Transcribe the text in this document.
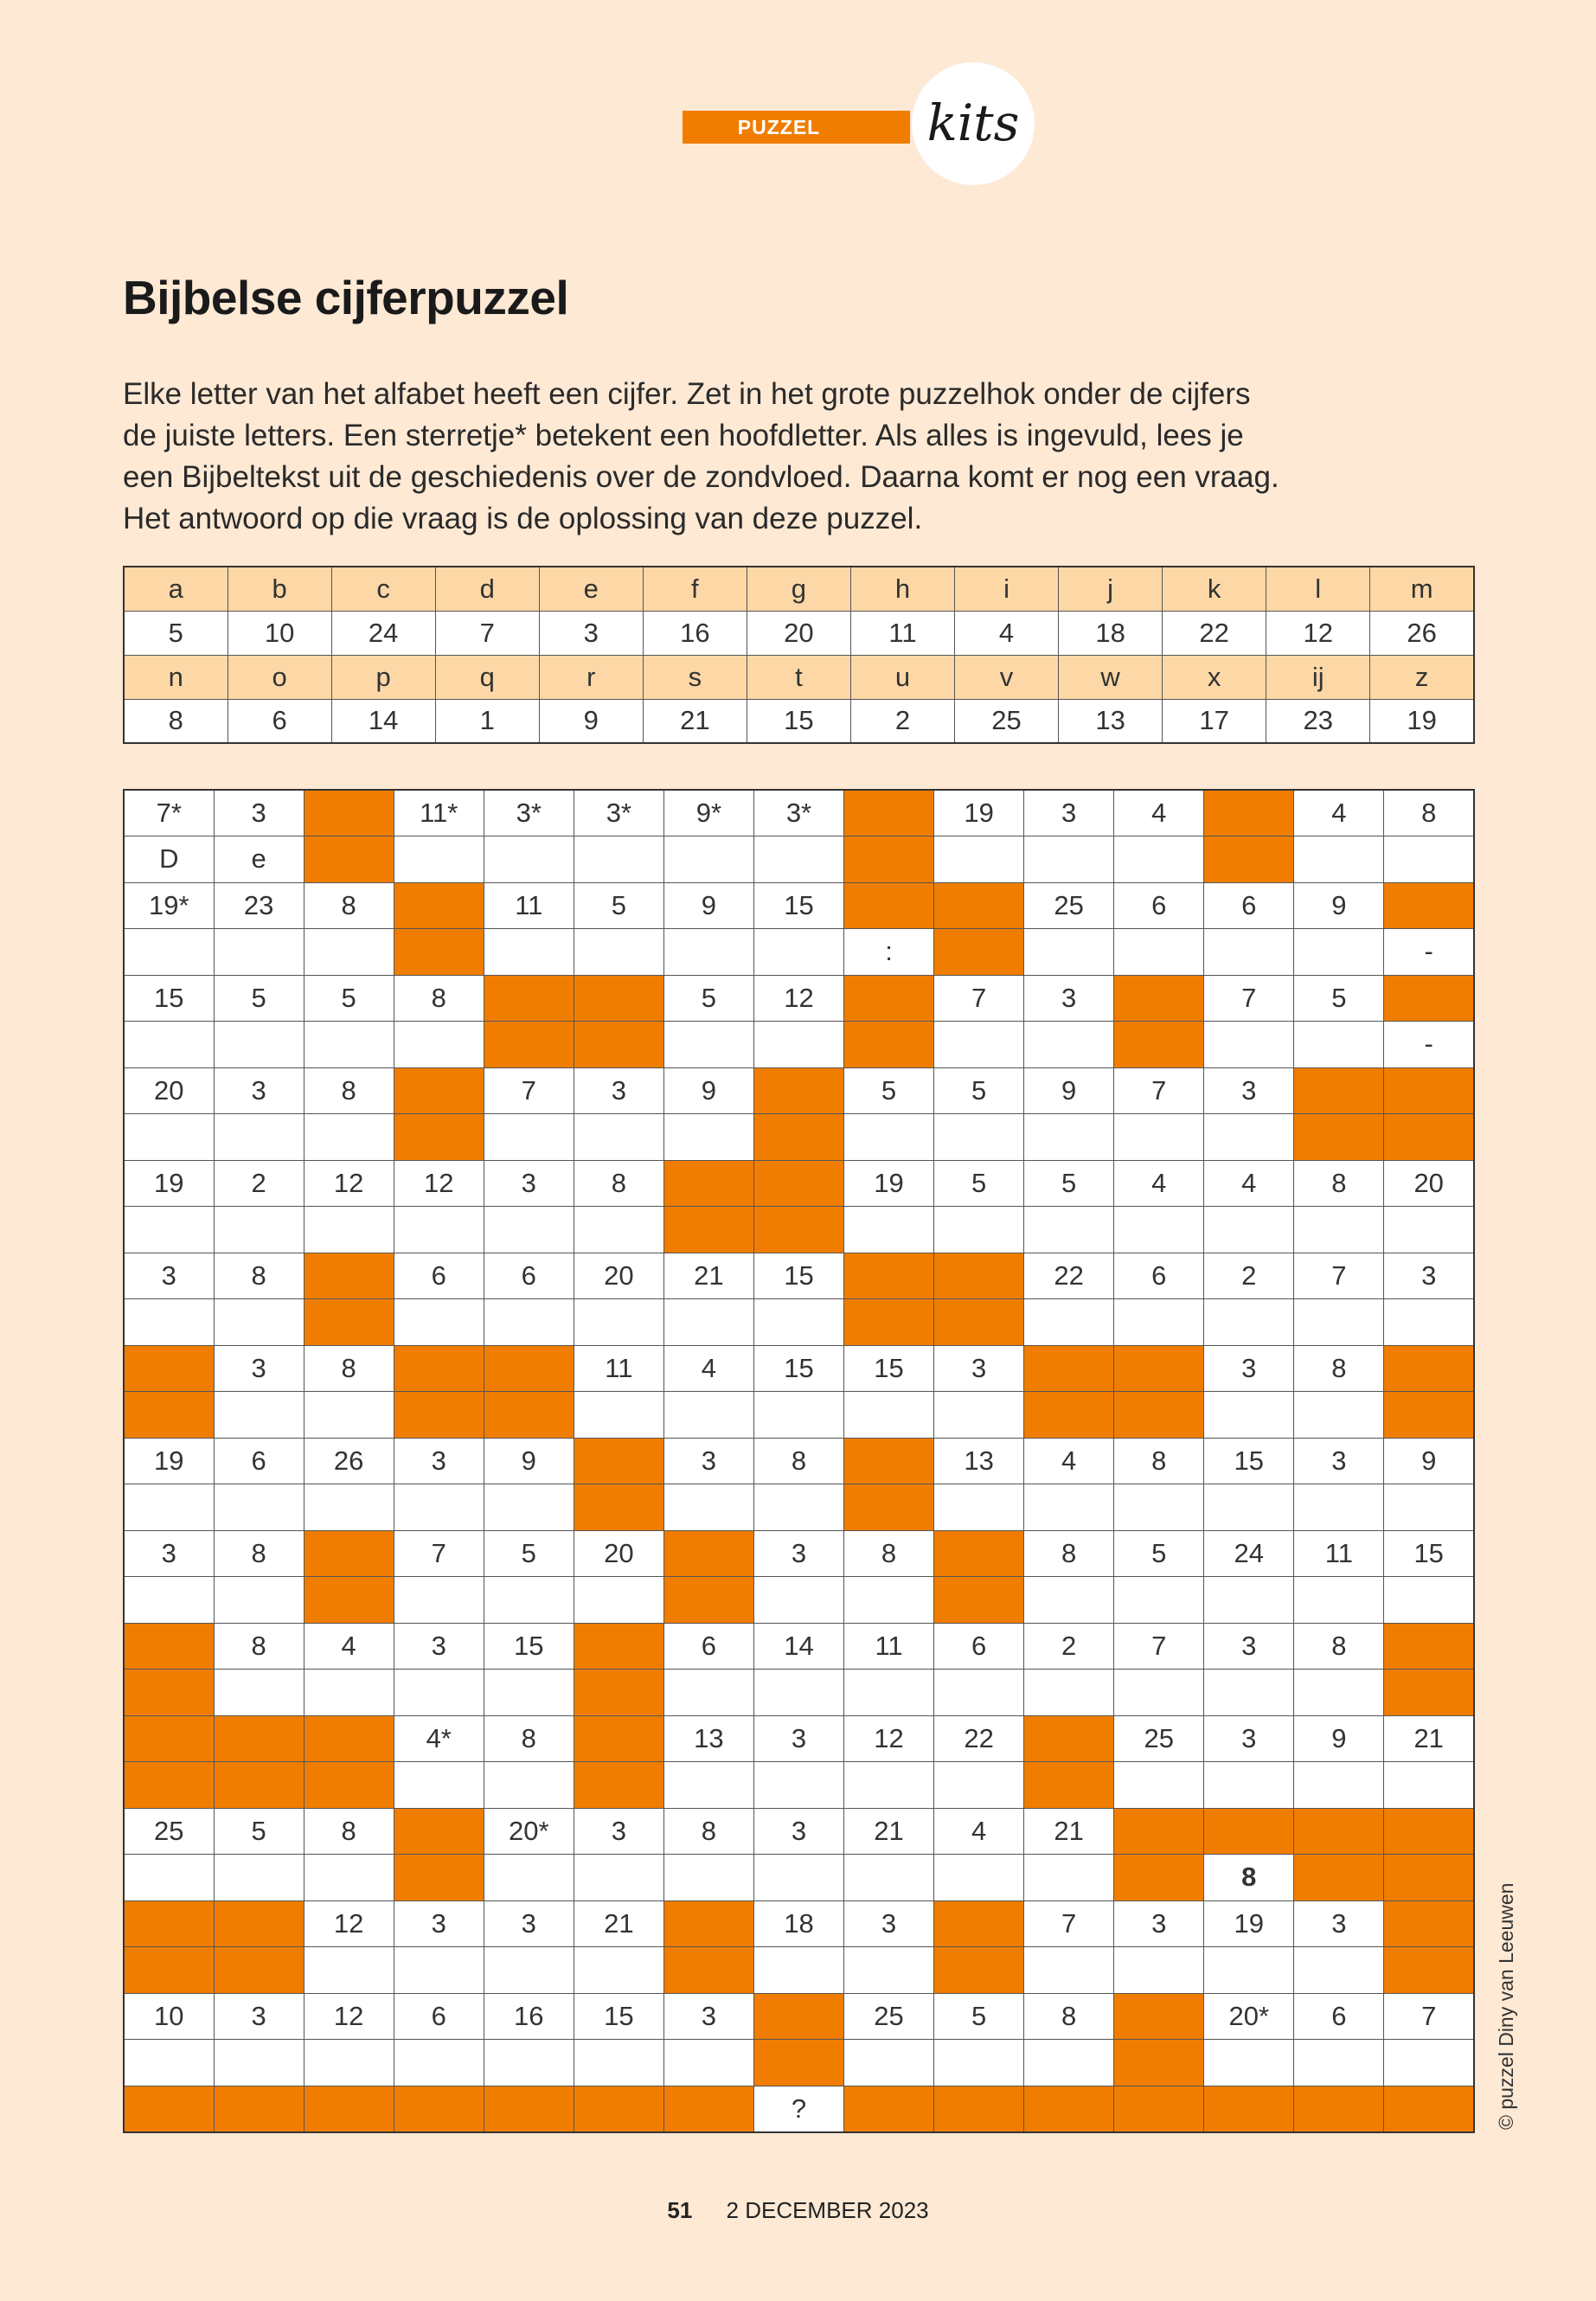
PUZZEL kits
Bijbelse cijferpuzzel
Elke letter van het alfabet heeft een cijfer. Zet in het grote puzzelhok onder de cijfers
de juiste letters. Een sterretje* betekent een hoofdletter. Als alles is ingevuld, lees je
een Bijbeltekst uit de geschiedenis over de zondvloed. Daarna komt er nog een vraag.
Het antwoord op die vraag is de oplossing van deze puzzel.
a	b	c	d	e	f	g	h	i	j	k	l	m
5	10	24	7	3	16	20	11	4	18	22	12	26
n	o	p	q	r	s	t	u	v	w	x	ij	z
8	6	14	1	9	21	15	2	25	13	17	23	19
7*	3		11*	3*	3*	9*	3*		19	3	4		4	8
D	e													
19*	23	8		11	5	9	15			25	6	6	9	
								:						-
15	5	5	8			5	12		7	3		7	5	
														-
20	3	8		7	3	9		5	5	9	7	3		

19	2	12	12	3	8			19	5	5	4	4	8	20

3	8		6	6	20	21	15			22	6	2	7	3

	3	8			11	4	15	15	3			3	8	

19	6	26	3	9		3	8		13	4	8	15	3	9

3	8		7	5	20		3	8		8	5	24	11	15

	8	4	3	15		6	14	11	6	2	7	3	8	

			4*	8		13	3	12	22		25	3	9	21

25	5	8		20*	3	8	3	21	4	21				
												8		
		12	3	3	21		18	3		7	3	19	3	

10	3	12	6	16	15	3		25	5	8		20*	6	7

							?								© puzzel Diny van Leeuwen
51 2 DECEMBER 2023
